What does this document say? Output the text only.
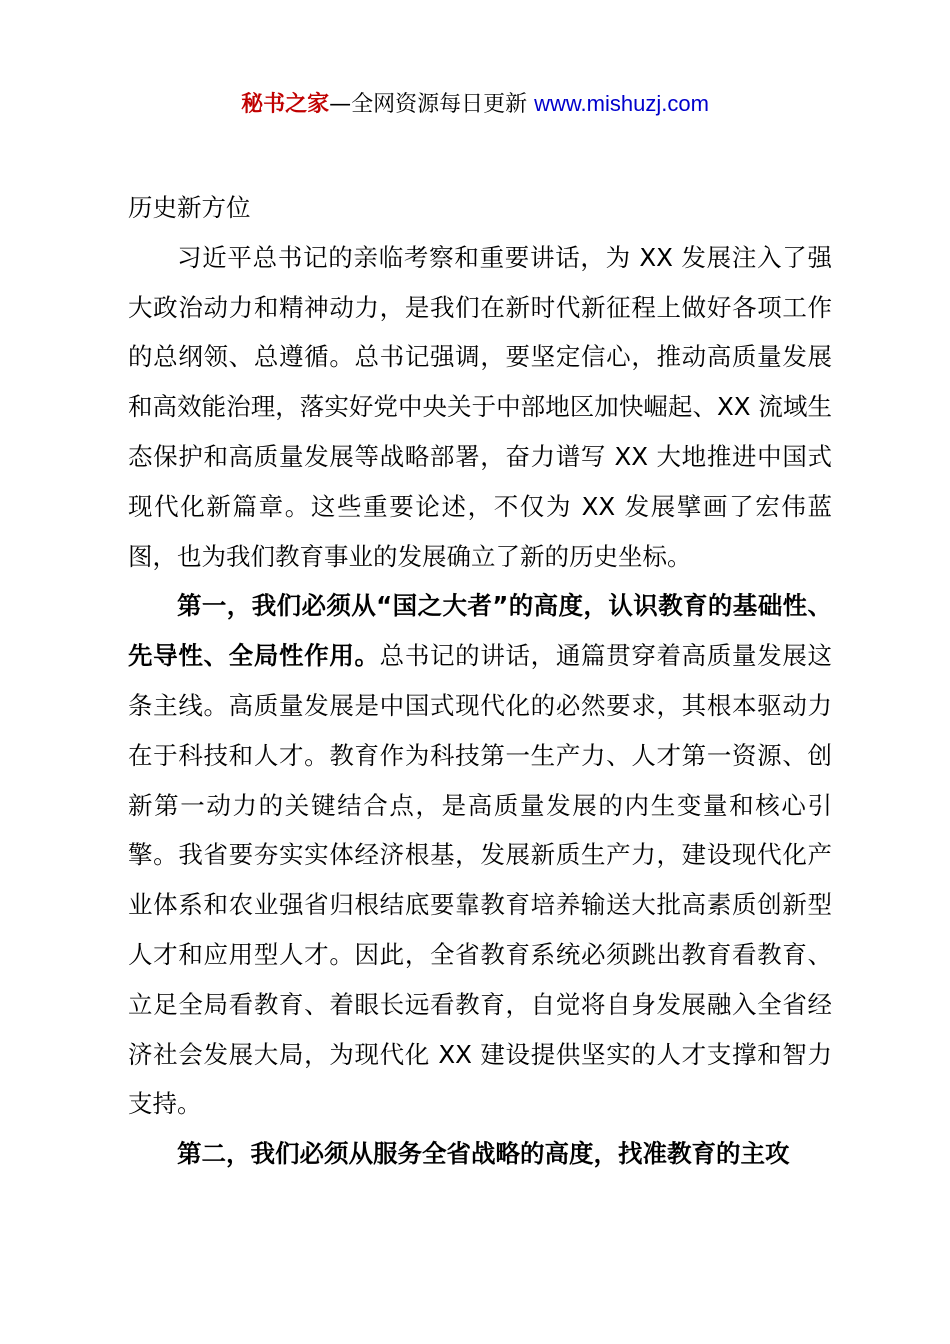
秘书之家—全网资源每日更新 www.mishuzj.com

历史新方位

习近平总书记的亲临考察和重要讲话，为 XX 发展注入了强大政治动力和精神动力，是我们在新时代新征程上做好各项工作的总纲领、总遵循。总书记强调，要坚定信心，推动高质量发展和高效能治理，落实好党中央关于中部地区加快崛起、XX 流域生态保护和高质量发展等战略部署，奋力谱写 XX 大地推进中国式现代化新篇章。这些重要论述，不仅为 XX 发展擘画了宏伟蓝图，也为我们教育事业的发展确立了新的历史坐标。

第一，我们必须从“国之大者”的高度，认识教育的基础性、先导性、全局性作用。总书记的讲话，通篇贯穿着高质量发展这条主线。高质量发展是中国式现代化的必然要求，其根本驱动力在于科技和人才。教育作为科技第一生产力、人才第一资源、创新第一动力的关键结合点，是高质量发展的内生变量和核心引擎。我省要夯实实体经济根基，发展新质生产力，建设现代化产业体系和农业强省归根结底要靠教育培养输送大批高素质创新型人才和应用型人才。因此，全省教育系统必须跳出教育看教育、立足全局看教育、着眼长远看教育，自觉将自身发展融入全省经济社会发展大局，为现代化 XX 建设提供坚实的人才支撑和智力支持。

第二，我们必须从服务全省战略的高度，找准教育的主攻
